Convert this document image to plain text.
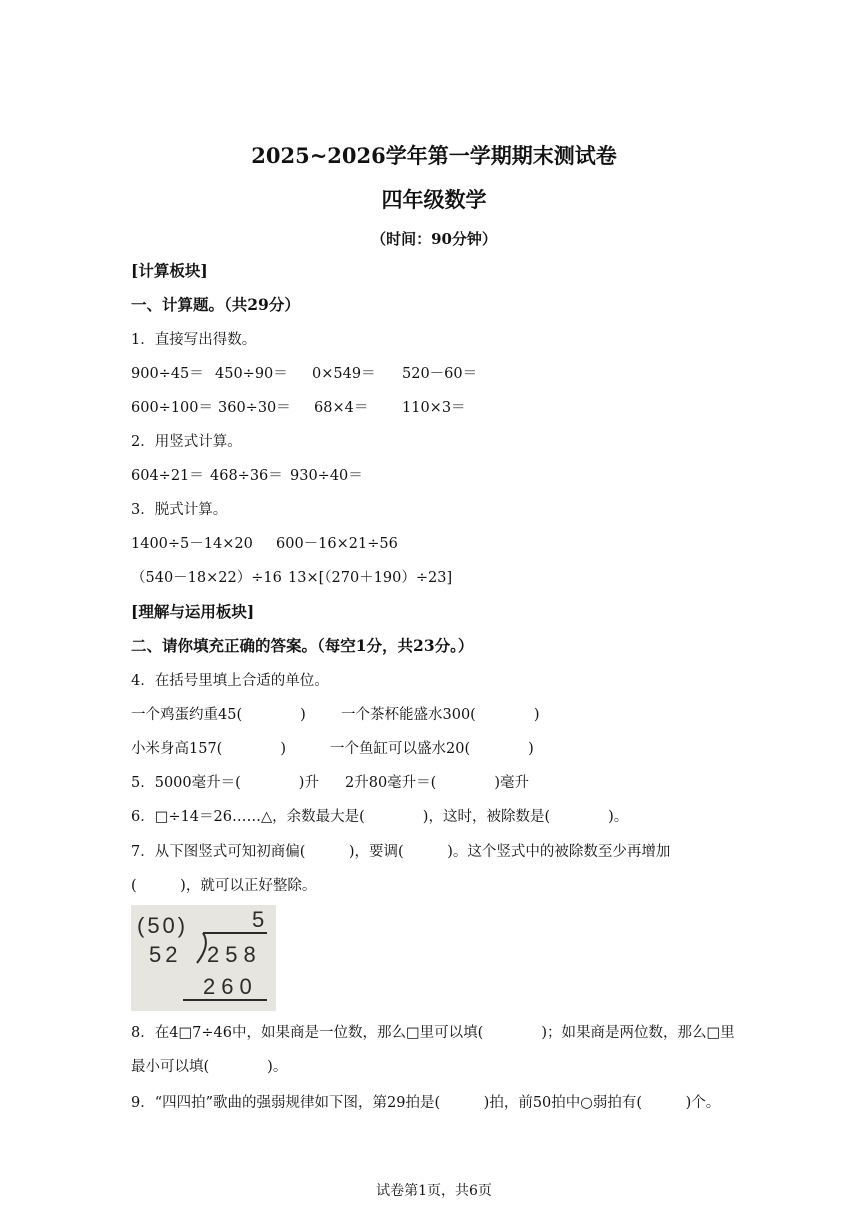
2025~2026学年第一学期期末测试卷
四年级数学
（时间：90分钟）
[计算板块]
一、计算题。（共29分）
1．直接写出得数。
900÷45＝ 450÷90＝ 0×549＝ 520－60＝
600÷100＝ 360÷30＝ 68×4＝ 110×3＝
2．用竖式计算。
604÷21＝ 468÷36＝ 930÷40＝
3．脱式计算。
1400÷5－14×20 600－16×21÷56
（540－18×22）÷16 13×[（270＋190）÷23]
[理解与运用板块]
二、请你填充正确的答案。（每空1分，共23分。）
4．在括号里填上合适的单位。
一个鸡蛋约重45(　　　　) 一个茶杯能盛水300(　　　　)
小米身高157(　　　　)	一个鱼缸可以盛水20(　　　　)
5．5000毫升＝(　　　　)升 2升80毫升＝(　　　　)毫升
6．□÷14＝26……△，余数最大是(　　　　)，这时，被除数是(　　　　)。
7．从下图竖式可知初商偏(　　　)，要调(　　　)。这个竖式中的被除数至少再增加
(　　　)，就可以正好整除。
(50)	5
52 258
260
8．在4□7÷46中，如果商是一位数，那么□里可以填(　　　　)；如果商是两位数，那么□里
最小可以填(　　　　)。
9．“四四拍”歌曲的强弱规律如下图，第29拍是(　　　)拍，前50拍中○弱拍有(　　　)个。
试卷第1页，共6页
